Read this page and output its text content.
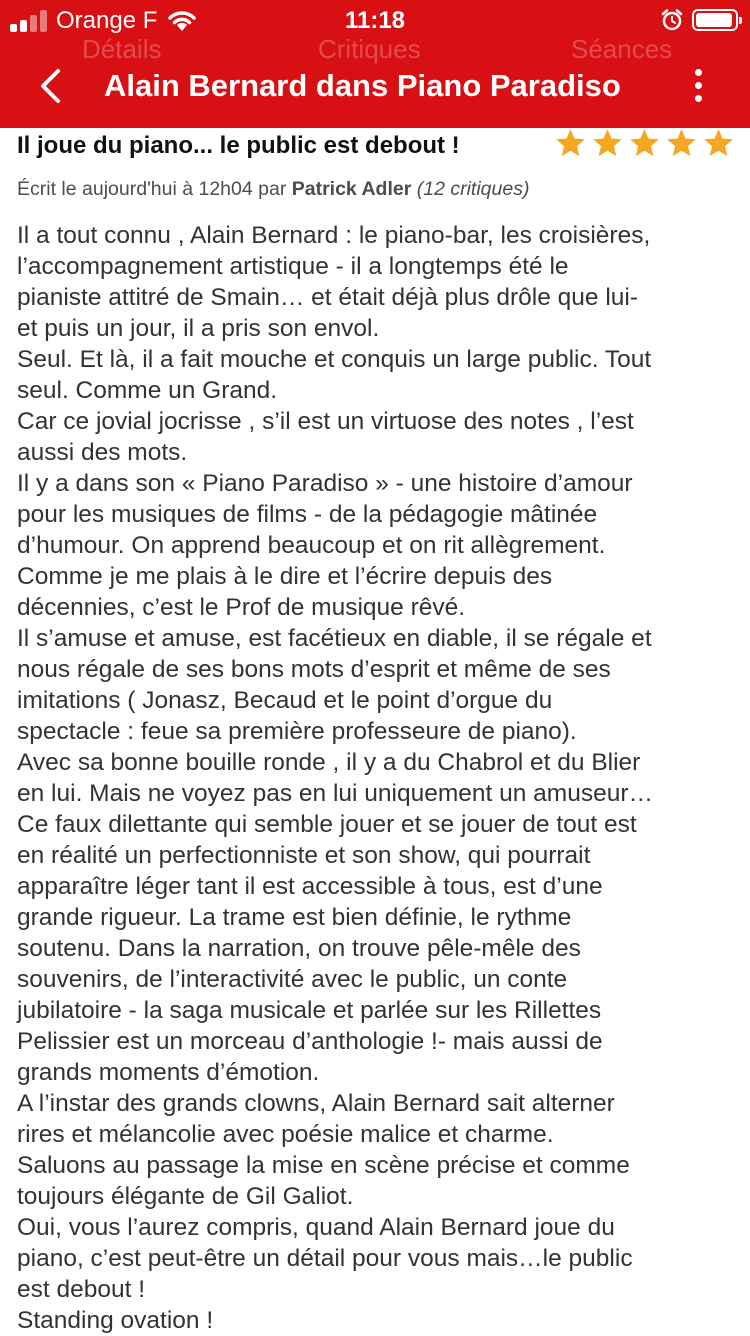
Orange F	11:18
Détails	Critiques	Séances
Alain Bernard dans Piano Paradiso
Il joue du piano... le public est debout !
Écrit le aujourd'hui à 12h04 par Patrick Adler (12 critiques)

Il a tout connu , Alain Bernard : le piano-bar, les croisières,

l’accompagnement artistique - il a longtemps été le

pianiste attitré de Smain… et était déjà plus drôle que lui-

et puis un jour, il a pris son envol.

Seul. Et là, il a fait mouche et conquis un large public. Tout

seul. Comme un Grand.

Car ce jovial jocrisse , s’il est un virtuose des notes , l’est

aussi des mots.

Il y a dans son « Piano Paradiso » - une histoire d’amour

pour les musiques de films - de la pédagogie mâtinée

d’humour. On apprend beaucoup et on rit allègrement.

Comme je me plais à le dire et l’écrire depuis des

décennies, c’est le Prof de musique rêvé.

Il s’amuse et amuse, est facétieux en diable, il se régale et

nous régale de ses bons mots d’esprit et même de ses

imitations ( Jonasz, Becaud et le point d’orgue du

spectacle : feue sa première professeure de piano).

Avec sa bonne bouille ronde , il y a du Chabrol et du Blier

en lui. Mais ne voyez pas en lui uniquement un amuseur…

Ce faux dilettante qui semble jouer et se jouer de tout est

en réalité un perfectionniste et son show, qui pourrait

apparaître léger tant il est accessible à tous, est d’une

grande rigueur. La trame est bien définie, le rythme

soutenu. Dans la narration, on trouve pêle-mêle des

souvenirs, de l’interactivité avec le public, un conte

jubilatoire - la saga musicale et parlée sur les Rillettes

Pelissier est un morceau d’anthologie !- mais aussi de

grands moments d’émotion.

A l’instar des grands clowns, Alain Bernard sait alterner

rires et mélancolie avec poésie malice et charme.

Saluons au passage la mise en scène précise et comme

toujours élégante de Gil Galiot.

Oui, vous l’aurez compris, quand Alain Bernard joue du

piano, c’est peut-être un détail pour vous mais…le public

est debout !

Standing ovation !
